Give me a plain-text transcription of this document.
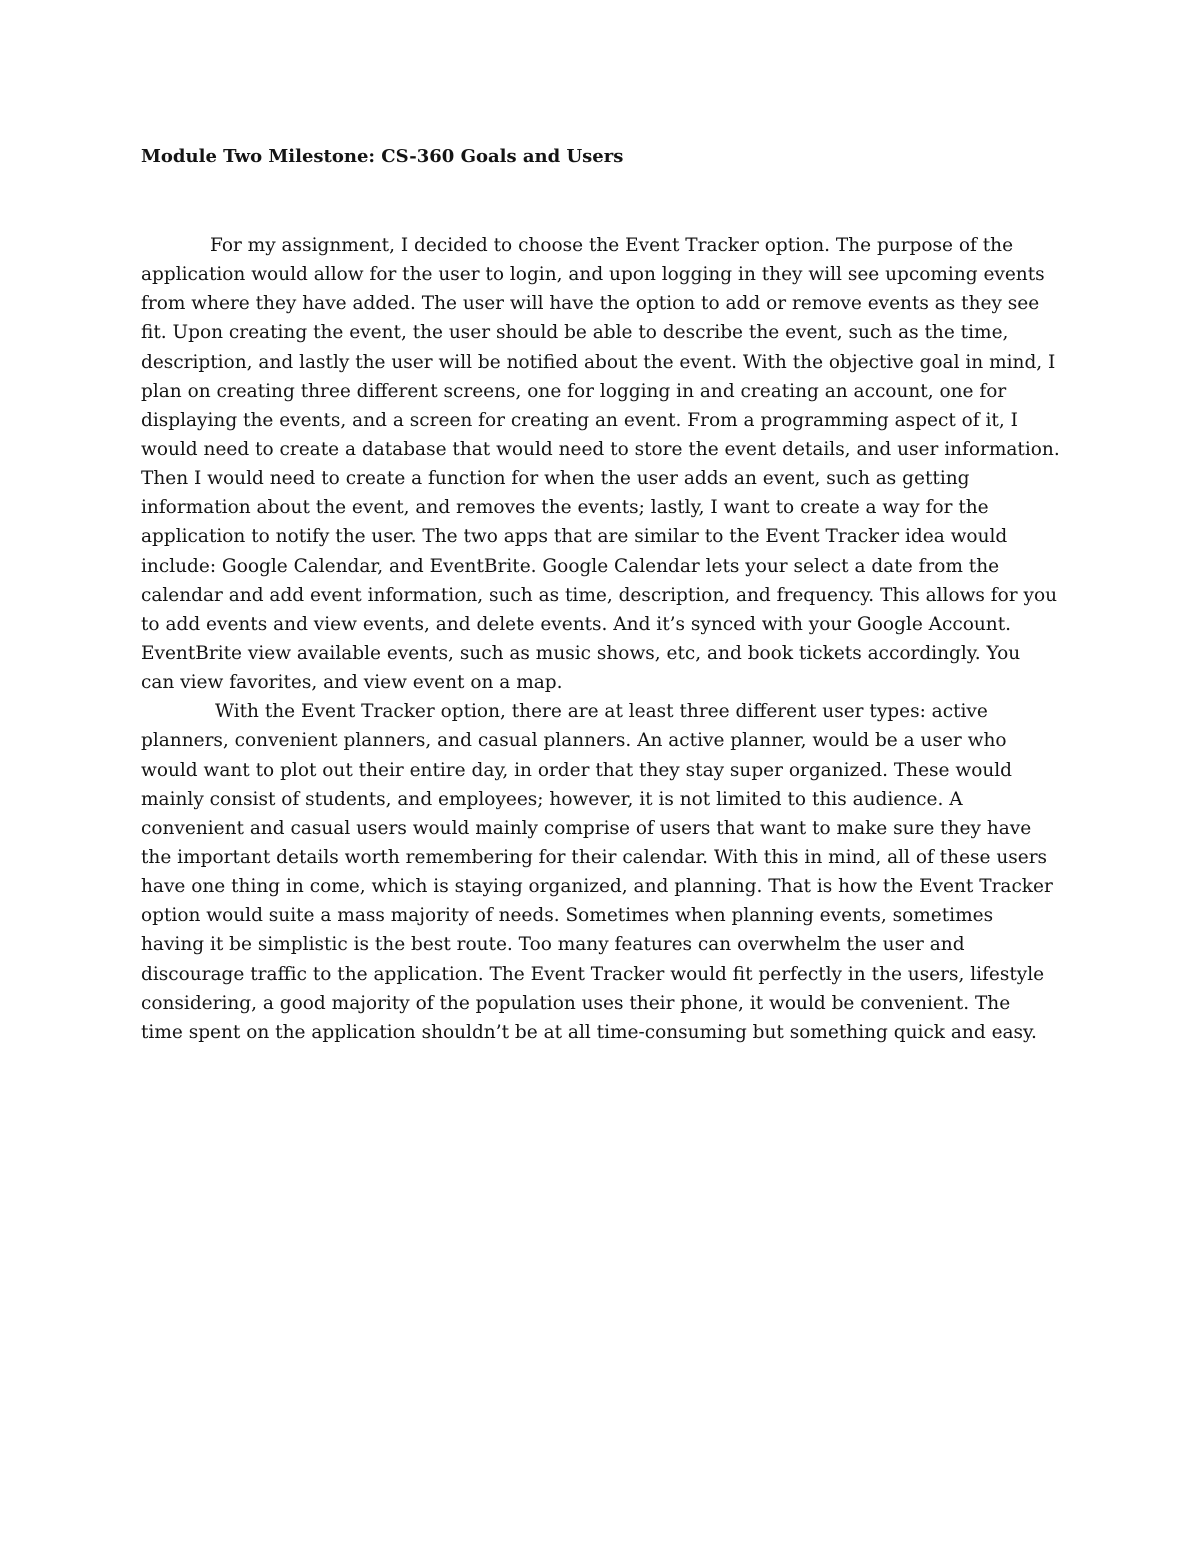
Module Two Milestone: CS-360 Goals and Users
For my assignment, I decided to choose the Event Tracker option. The purpose of the
application would allow for the user to login, and upon logging in they will see upcoming events
from where they have added. The user will have the option to add or remove events as they see
fit. Upon creating the event, the user should be able to describe the event, such as the time,
description, and lastly the user will be notified about the event. With the objective goal in mind, I
plan on creating three different screens, one for logging in and creating an account, one for
displaying the events, and a screen for creating an event. From a programming aspect of it, I
would need to create a database that would need to store the event details, and user information.
Then I would need to create a function for when the user adds an event, such as getting
information about the event, and removes the events; lastly, I want to create a way for the
application to notify the user. The two apps that are similar to the Event Tracker idea would
include: Google Calendar, and EventBrite. Google Calendar lets your select a date from the
calendar and add event information, such as time, description, and frequency. This allows for you
to add events and view events, and delete events. And it’s synced with your Google Account.
EventBrite view available events, such as music shows, etc, and book tickets accordingly. You
can view favorites, and view event on a map.
With the Event Tracker option, there are at least three different user types: active
planners, convenient planners, and casual planners. An active planner, would be a user who
would want to plot out their entire day, in order that they stay super organized. These would
mainly consist of students, and employees; however, it is not limited to this audience. A
convenient and casual users would mainly comprise of users that want to make sure they have
the important details worth remembering for their calendar. With this in mind, all of these users
have one thing in come, which is staying organized, and planning. That is how the Event Tracker
option would suite a mass majority of needs. Sometimes when planning events, sometimes
having it be simplistic is the best route. Too many features can overwhelm the user and
discourage traffic to the application. The Event Tracker would fit perfectly in the users, lifestyle
considering, a good majority of the population uses their phone, it would be convenient. The
time spent on the application shouldn’t be at all time-consuming but something quick and easy.
